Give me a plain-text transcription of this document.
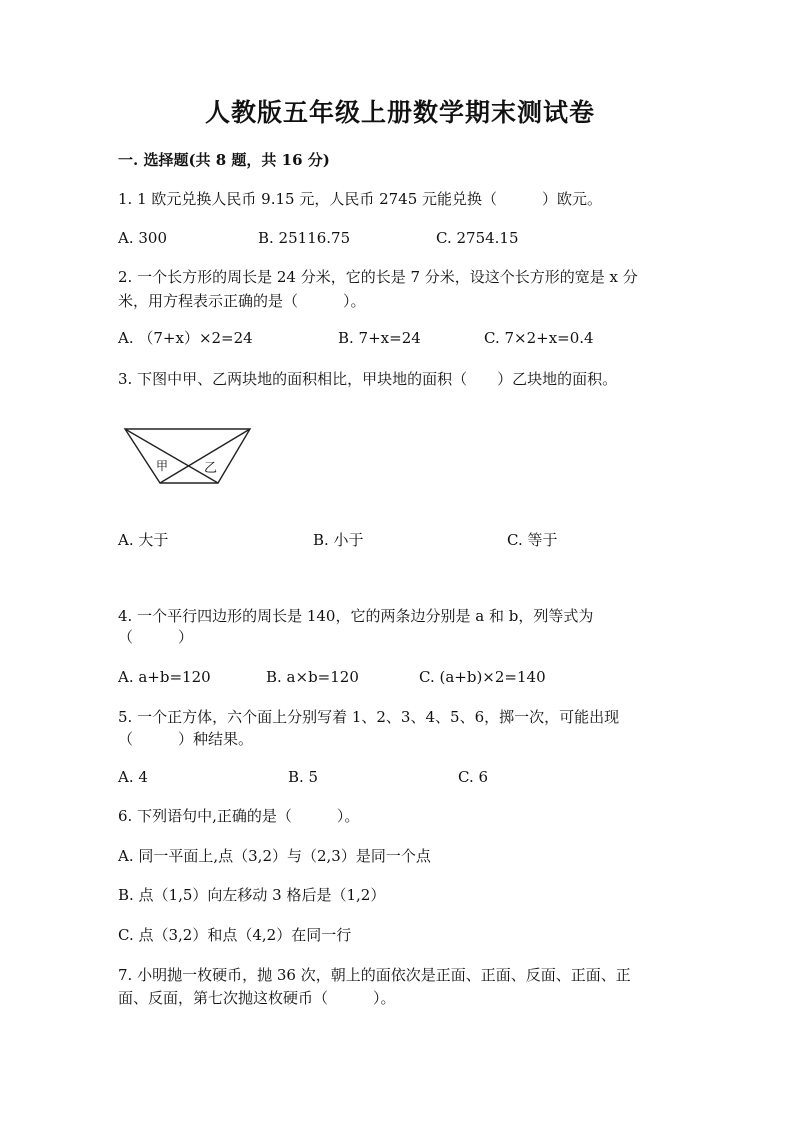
人教版五年级上册数学期末测试卷
一. 选择题(共 8 题，共 16 分)
1. 1 欧元兑换人民币 9.15 元，人民币 2745 元能兑换（　　　）欧元。
A. 300	B. 25116.75	C. 2754.15
2. 一个长方形的周长是 24 分米，它的长是 7 分米，设这个长方形的宽是 x 分
米，用方程表示正确的是（　　　）。
A. （7+x）×2=24	B. 7+x=24	C. 7×2+x=0.4
3. 下图中甲、乙两块地的面积相比，甲块地的面积（　　）乙块地的面积。
甲	乙
A. 大于	B. 小于	C. 等于
4. 一个平行四边形的周长是 140，它的两条边分别是 a 和 b，列等式为
（　　　）
A. a+b=120	B. a×b=120	C. (a+b)×2=140
5. 一个正方体，六个面上分别写着 1、2、3、4、5、6，掷一次，可能出现
（　　　）种结果。
A. 4	B. 5	C. 6
6. 下列语句中,正确的是（　　　）。
A. 同一平面上,点（3,2）与（2,3）是同一个点
B. 点（1,5）向左移动 3 格后是（1,2）
C. 点（3,2）和点（4,2）在同一行
7. 小明抛一枚硬币，抛 36 次，朝上的面依次是正面、正面、反面、正面、正
面、反面，第七次抛这枚硬币（　　　）。
